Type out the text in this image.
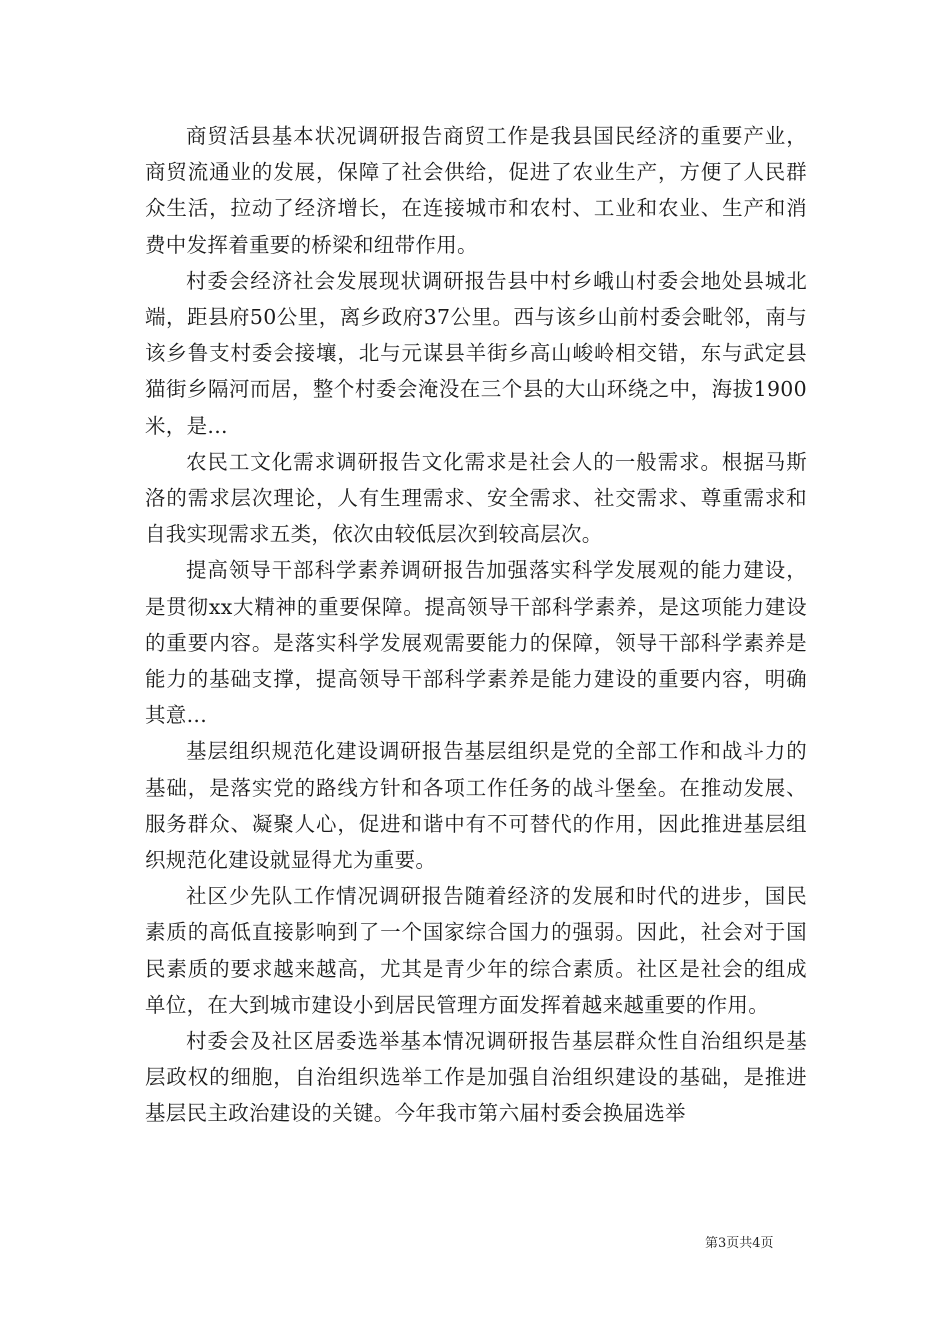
商贸活县基本状况调研报告商贸工作是我县国民经济的重要产业，商贸流通业的发展，保障了社会供给，促进了农业生产，方便了人民群众生活，拉动了经济增长，在连接城市和农村、工业和农业、生产和消费中发挥着重要的桥梁和纽带作用。

村委会经济社会发展现状调研报告县中村乡峨山村委会地处县城北端，距县府50公里，离乡政府37公里。西与该乡山前村委会毗邻，南与该乡鲁支村委会接壤，北与元谋县羊街乡高山峻岭相交错，东与武定县猫街乡隔河而居，整个村委会淹没在三个县的大山环绕之中，海拔1900米，是...

农民工文化需求调研报告文化需求是社会人的一般需求。根据马斯洛的需求层次理论，人有生理需求、安全需求、社交需求、尊重需求和自我实现需求五类，依次由较低层次到较高层次。

提高领导干部科学素养调研报告加强落实科学发展观的能力建设，是贯彻xx大精神的重要保障。提高领导干部科学素养，是这项能力建设的重要内容。是落实科学发展观需要能力的保障，领导干部科学素养是能力的基础支撑，提高领导干部科学素养是能力建设的重要内容，明确其意...

基层组织规范化建设调研报告基层组织是党的全部工作和战斗力的基础，是落实党的路线方针和各项工作任务的战斗堡垒。在推动发展、服务群众、凝聚人心，促进和谐中有不可替代的作用，因此推进基层组织规范化建设就显得尤为重要。

社区少先队工作情况调研报告随着经济的发展和时代的进步，国民素质的高低直接影响到了一个国家综合国力的强弱。因此，社会对于国民素质的要求越来越高，尤其是青少年的综合素质。社区是社会的组成单位，在大到城市建设小到居民管理方面发挥着越来越重要的作用。

村委会及社区居委选举基本情况调研报告基层群众性自治组织是基层政权的细胞，自治组织选举工作是加强自治组织建设的基础，是推进基层民主政治建设的关键。今年我市第六届村委会换届选举

第3页共4页
